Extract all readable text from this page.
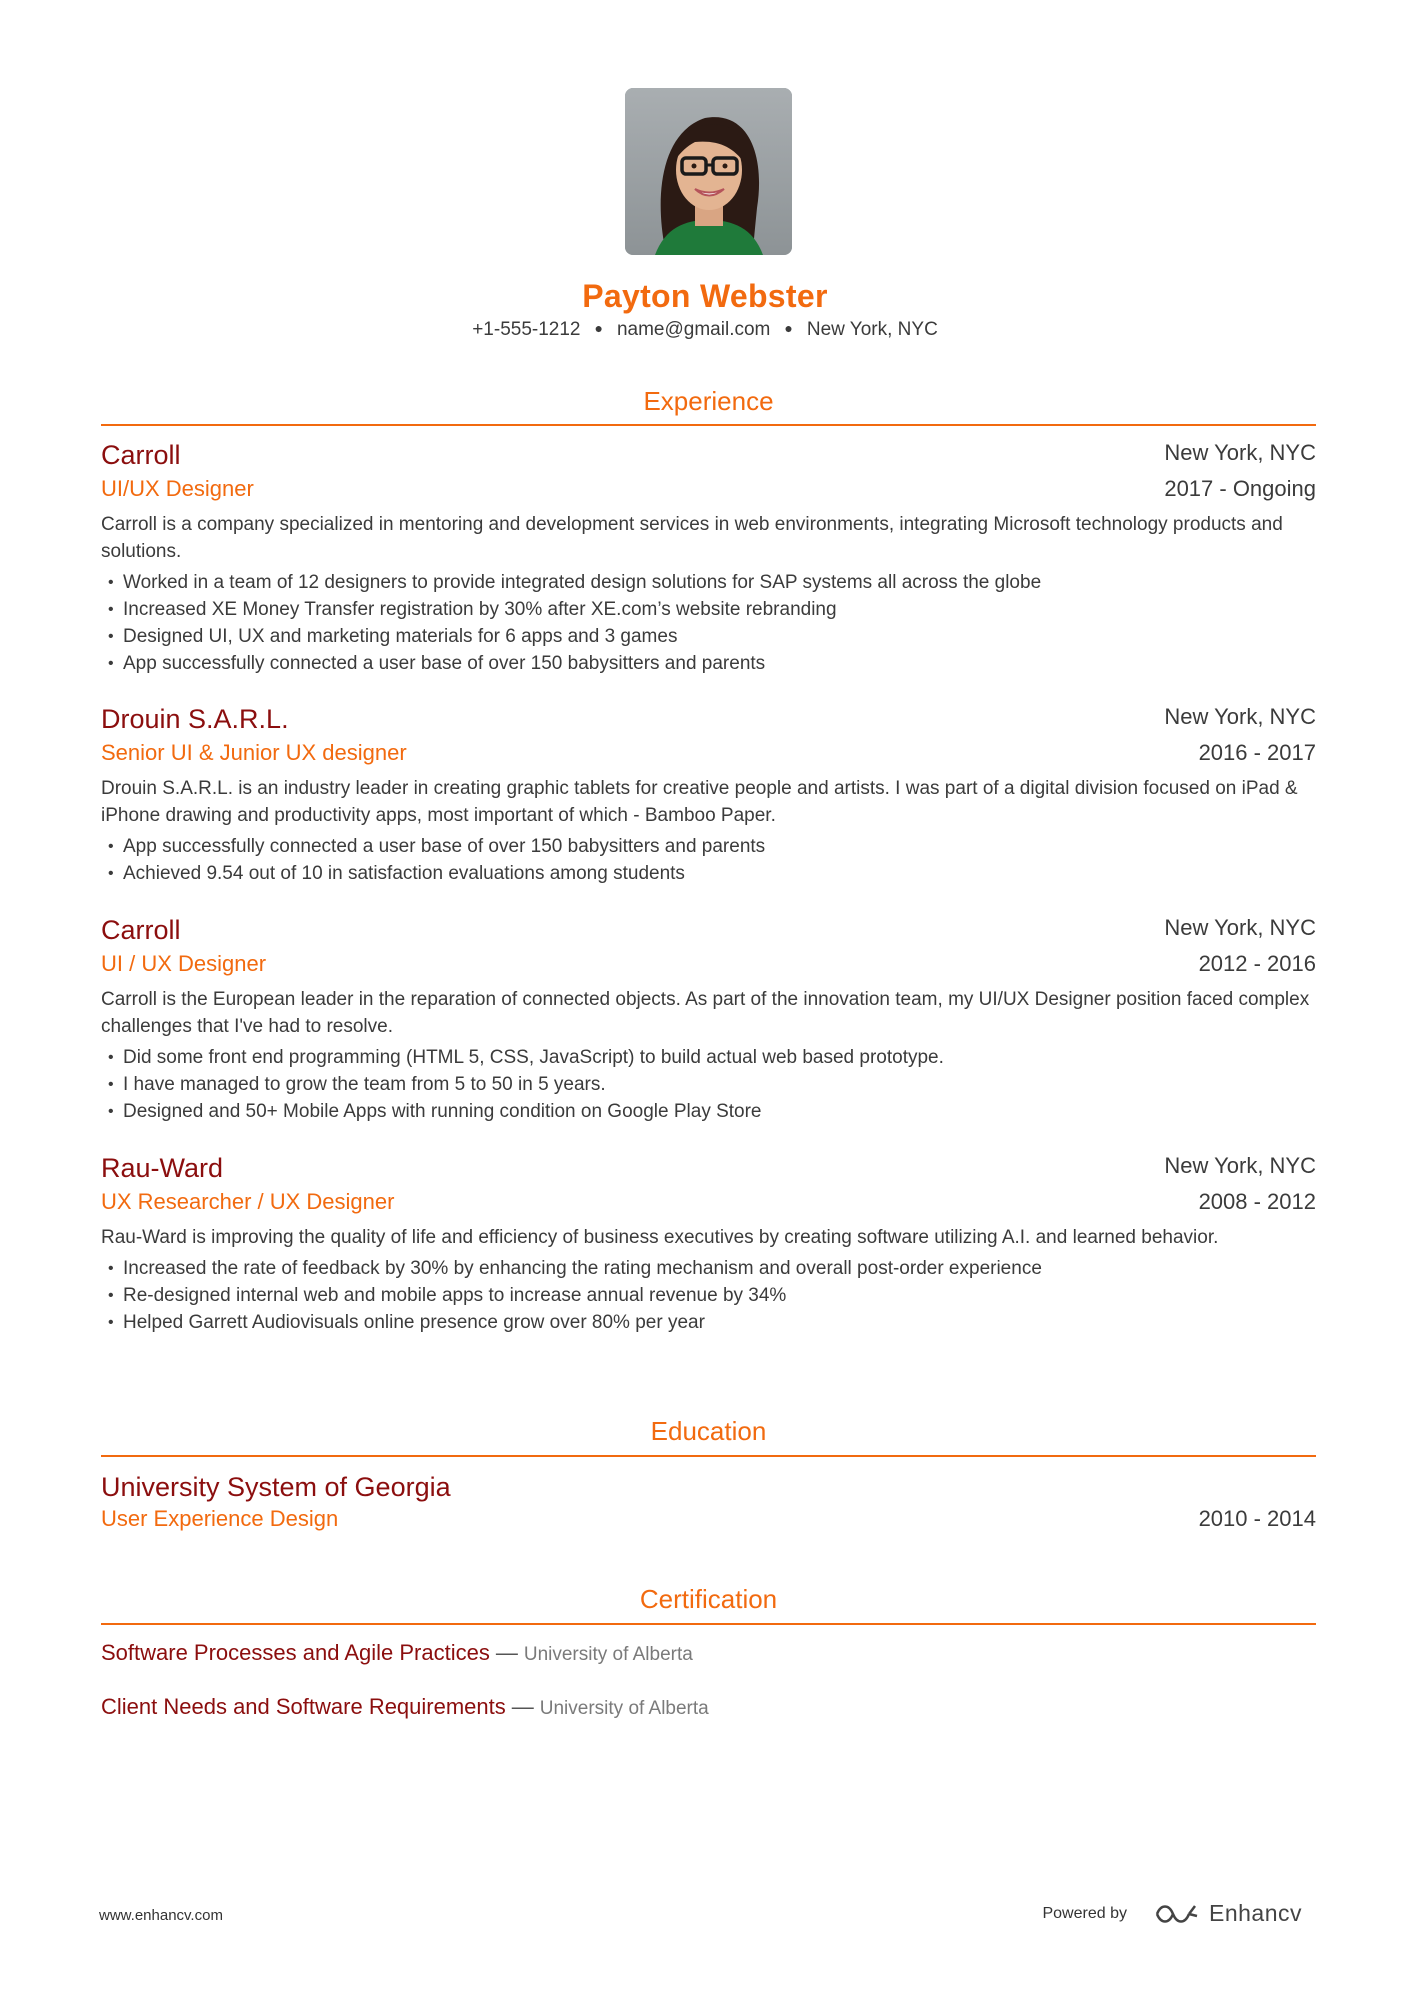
Payton Webster
+1-555-1212 ● name@gmail.com ● New York, NYC
Experience
Carroll	New York, NYC
UI/UX Designer	2017 - Ongoing
Carroll is a company specialized in mentoring and development services in web environments, integrating Microsoft technology products and solutions.
• Worked in a team of 12 designers to provide integrated design solutions for SAP systems all across the globe
• Increased XE Money Transfer registration by 30% after XE.com’s website rebranding
• Designed UI, UX and marketing materials for 6 apps and 3 games
• App successfully connected a user base of over 150 babysitters and parents
Drouin S.A.R.L.	New York, NYC
Senior UI & Junior UX designer	2016 - 2017
Drouin S.A.R.L. is an industry leader in creating graphic tablets for creative people and artists. I was part of a digital division focused on iPad & iPhone drawing and productivity apps, most important of which - Bamboo Paper.
• App successfully connected a user base of over 150 babysitters and parents
• Achieved 9.54 out of 10 in satisfaction evaluations among students
Carroll	New York, NYC
UI / UX Designer	2012 - 2016
Carroll is the European leader in the reparation of connected objects. As part of the innovation team, my UI/UX Designer position faced complex challenges that I've had to resolve.
• Did some front end programming (HTML 5, CSS, JavaScript) to build actual web based prototype.
• I have managed to grow the team from 5 to 50 in 5 years.
• Designed and 50+ Mobile Apps with running condition on Google Play Store
Rau-Ward	New York, NYC
UX Researcher / UX Designer	2008 - 2012
Rau-Ward is improving the quality of life and efficiency of business executives by creating software utilizing A.I. and learned behavior.
• Increased the rate of feedback by 30% by enhancing the rating mechanism and overall post-order experience
• Re-designed internal web and mobile apps to increase annual revenue by 34%
• Helped Garrett Audiovisuals online presence grow over 80% per year
Education
University System of Georgia
User Experience Design	2010 - 2014
Certification
Software Processes and Agile Practices — University of Alberta
Client Needs and Software Requirements — University of Alberta
www.enhancv.com	Powered by	Enhancv
